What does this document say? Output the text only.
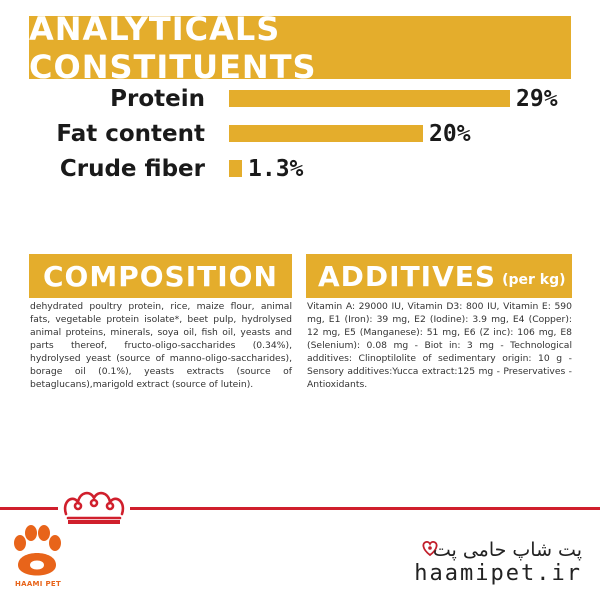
ANALYTICALS CONSTITUENTS
Protein	29%
Fat content	20%
Crude fiber 1.3%
COMPOSITION

dehydrated poultry protein, rice, maize flour, animal fats, vegetable protein isolate*, beet pulp, hydrolysed animal proteins, minerals, soya oil, fish oil, yeasts and parts thereof, fructo-oligo-saccharides (0.34%), hydrolysed yeast (source of manno-oligo-saccharides), borage oil (0.1%), yeasts extracts (source of betaglucans),marigold extract (source of lutein).

ADDITIVES (per kg)

Vitamin A: 29000 IU, Vitamin D3: 800 IU, Vitamin E: 590 mg, E1 (Iron): 39 mg, E2 (Iodine): 3.9 mg, E4 (Copper): 12 mg, E5 (Manganese): 51 mg, E6 (Z inc): 106 mg, E8 (Selenium): 0.08 mg - Biot in: 3 mg - Technological additives: Clinoptilolite of sedimentary origin: 10 g - Sensory additives:Yucca extract:125 mg - Preservatives - Antioxidants.

HAAMI PET
پت شاپ حامی پت
haamipet.ir
